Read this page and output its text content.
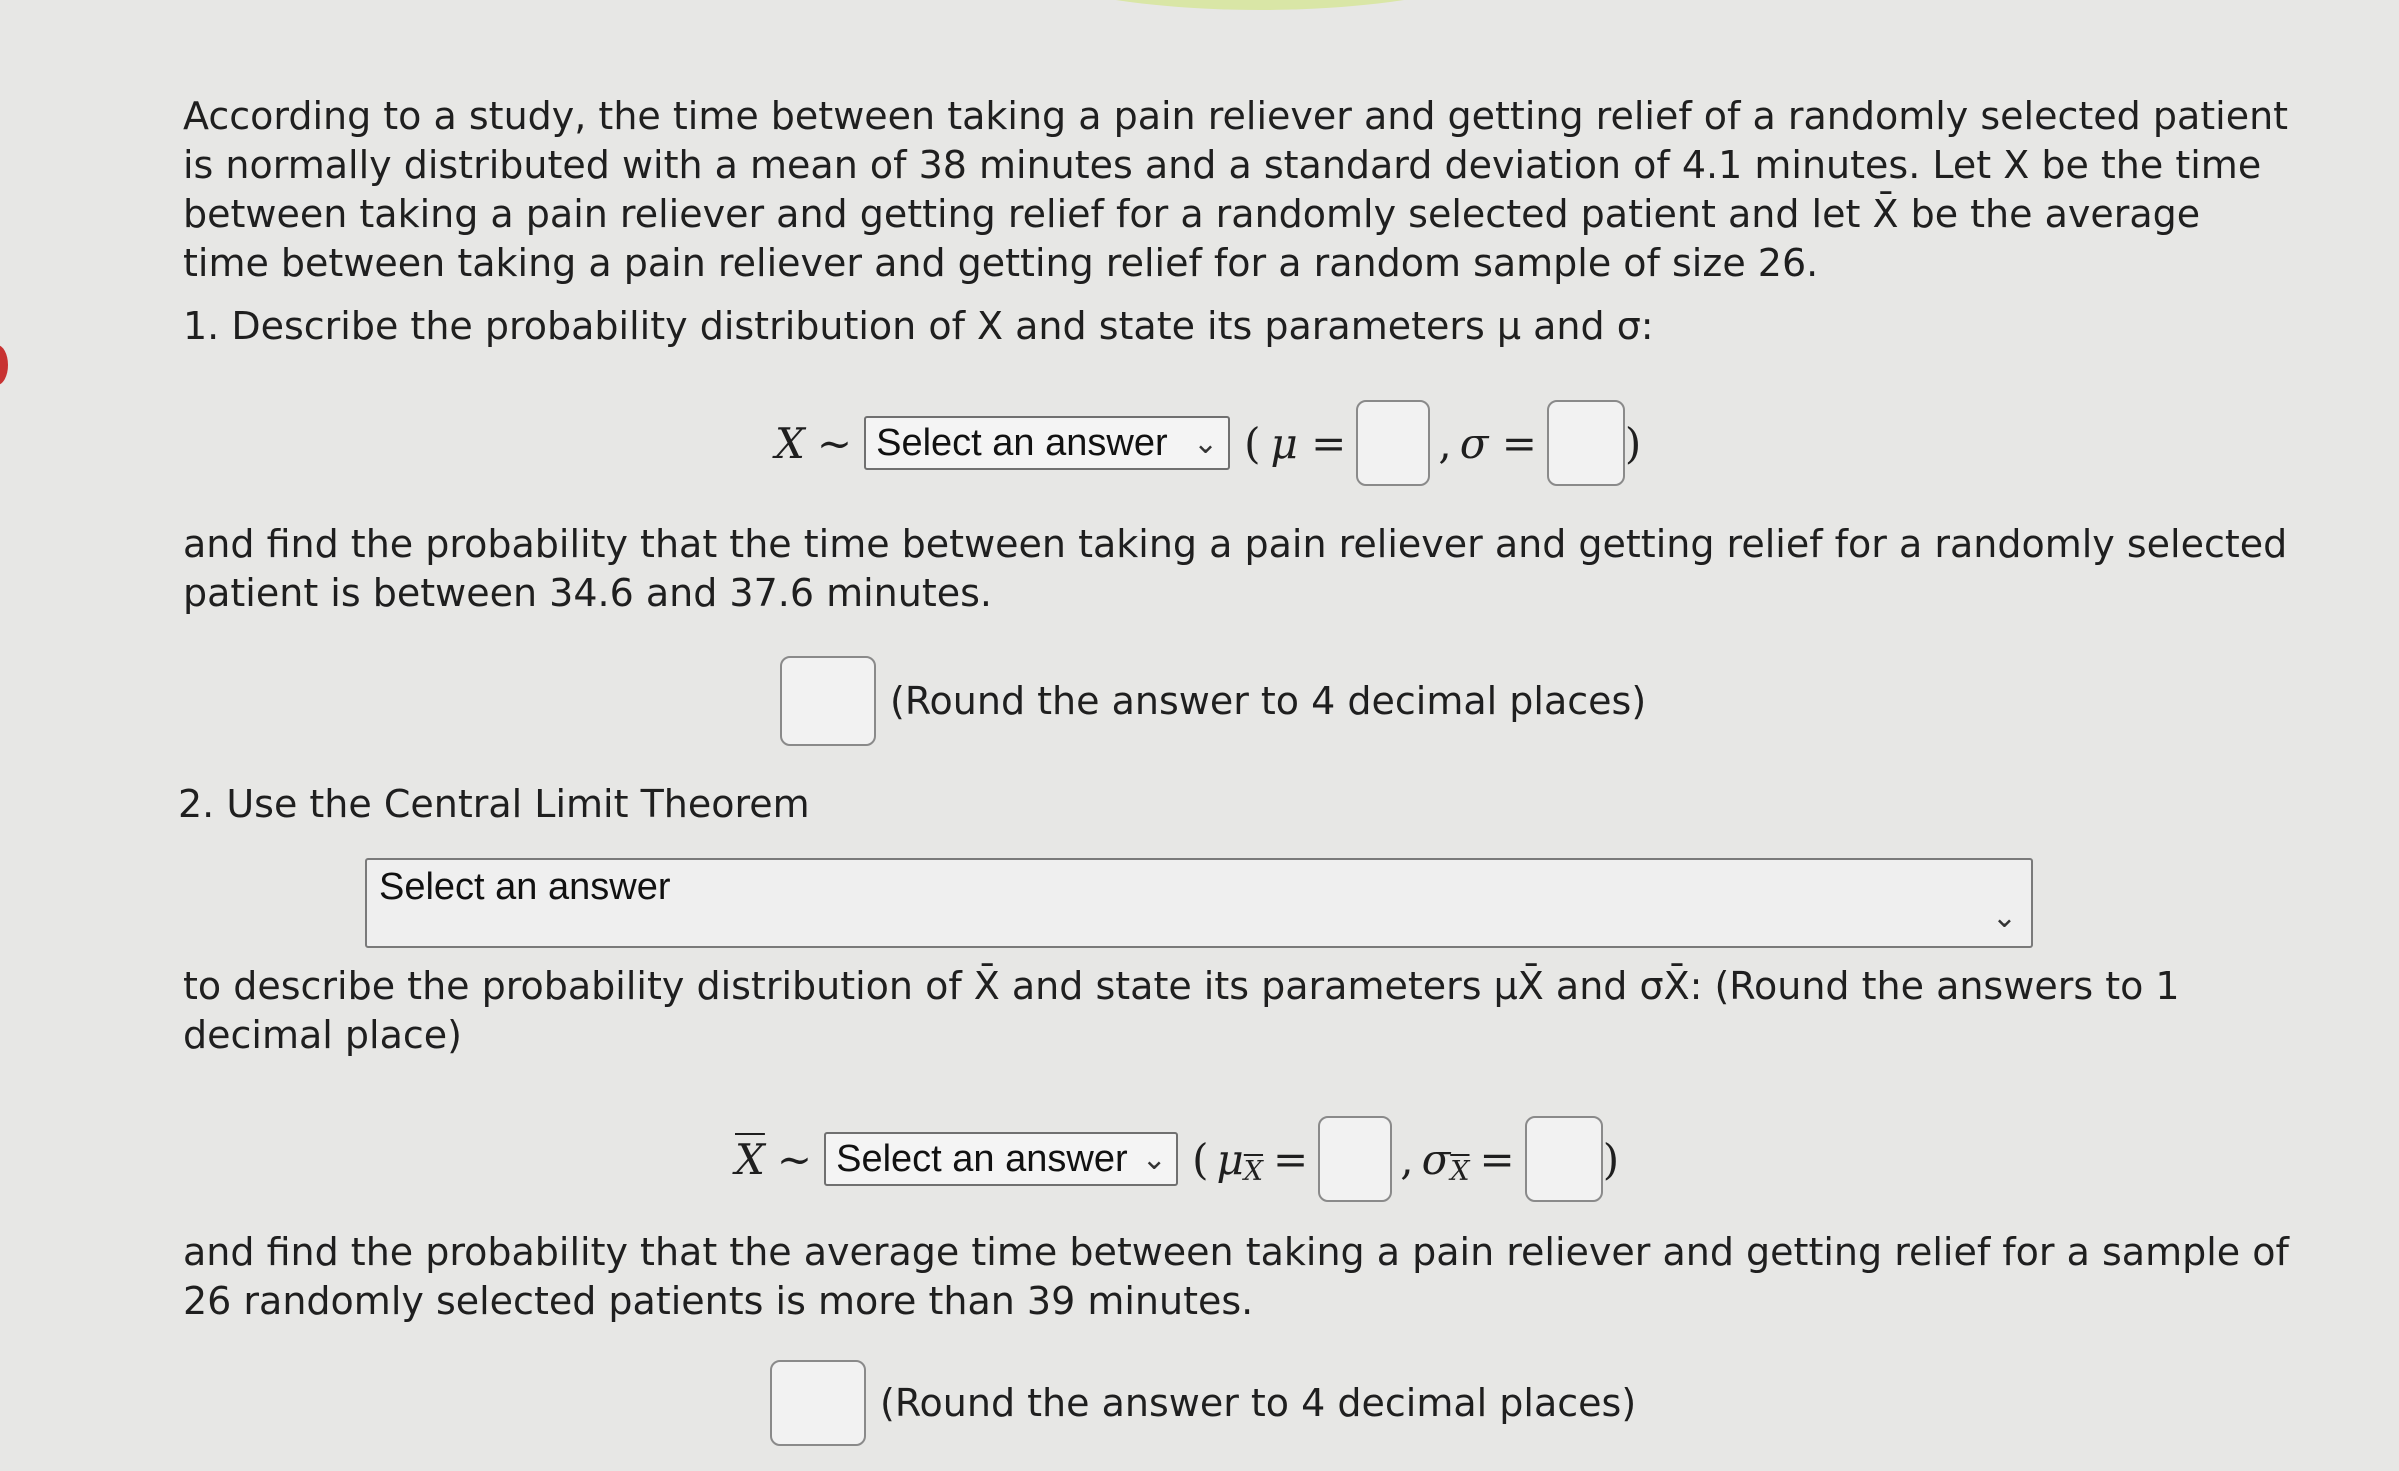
According to a study, the time between taking a pain reliever and getting relief of a randomly selected patient is normally distributed with a mean of 38 minutes and a standard deviation of 4.1 minutes. Let X be the time between taking a pain reliever and getting relief for a randomly selected patient and let X̄ be the average time between taking a pain reliever and getting relief for a random sample of size 26.

1. Describe the probability distribution of X and state its parameters μ and σ:
X ∼ Select an answer ⌄ ( μ = , σ = )

and find the probability that the time between taking a pain reliever and getting relief for a randomly selected patient is between 34.6 and 37.6 minutes.

(Round the answer to 4 decimal places)
2. Use the Central Limit Theorem
Select an answer
⌄

to describe the probability distribution of X̄ and state its parameters μX̄ and σX̄: (Round the answers to 1 decimal place)

$\overline{X}$ ∼ Select an answer ⌄ ( μ $\overline{X}$ = , σ $\overline{X}$ = )

and find the probability that the average time between taking a pain reliever and getting relief for a sample of 26 randomly selected patients is more than 39 minutes.

(Round the answer to 4 decimal places)
